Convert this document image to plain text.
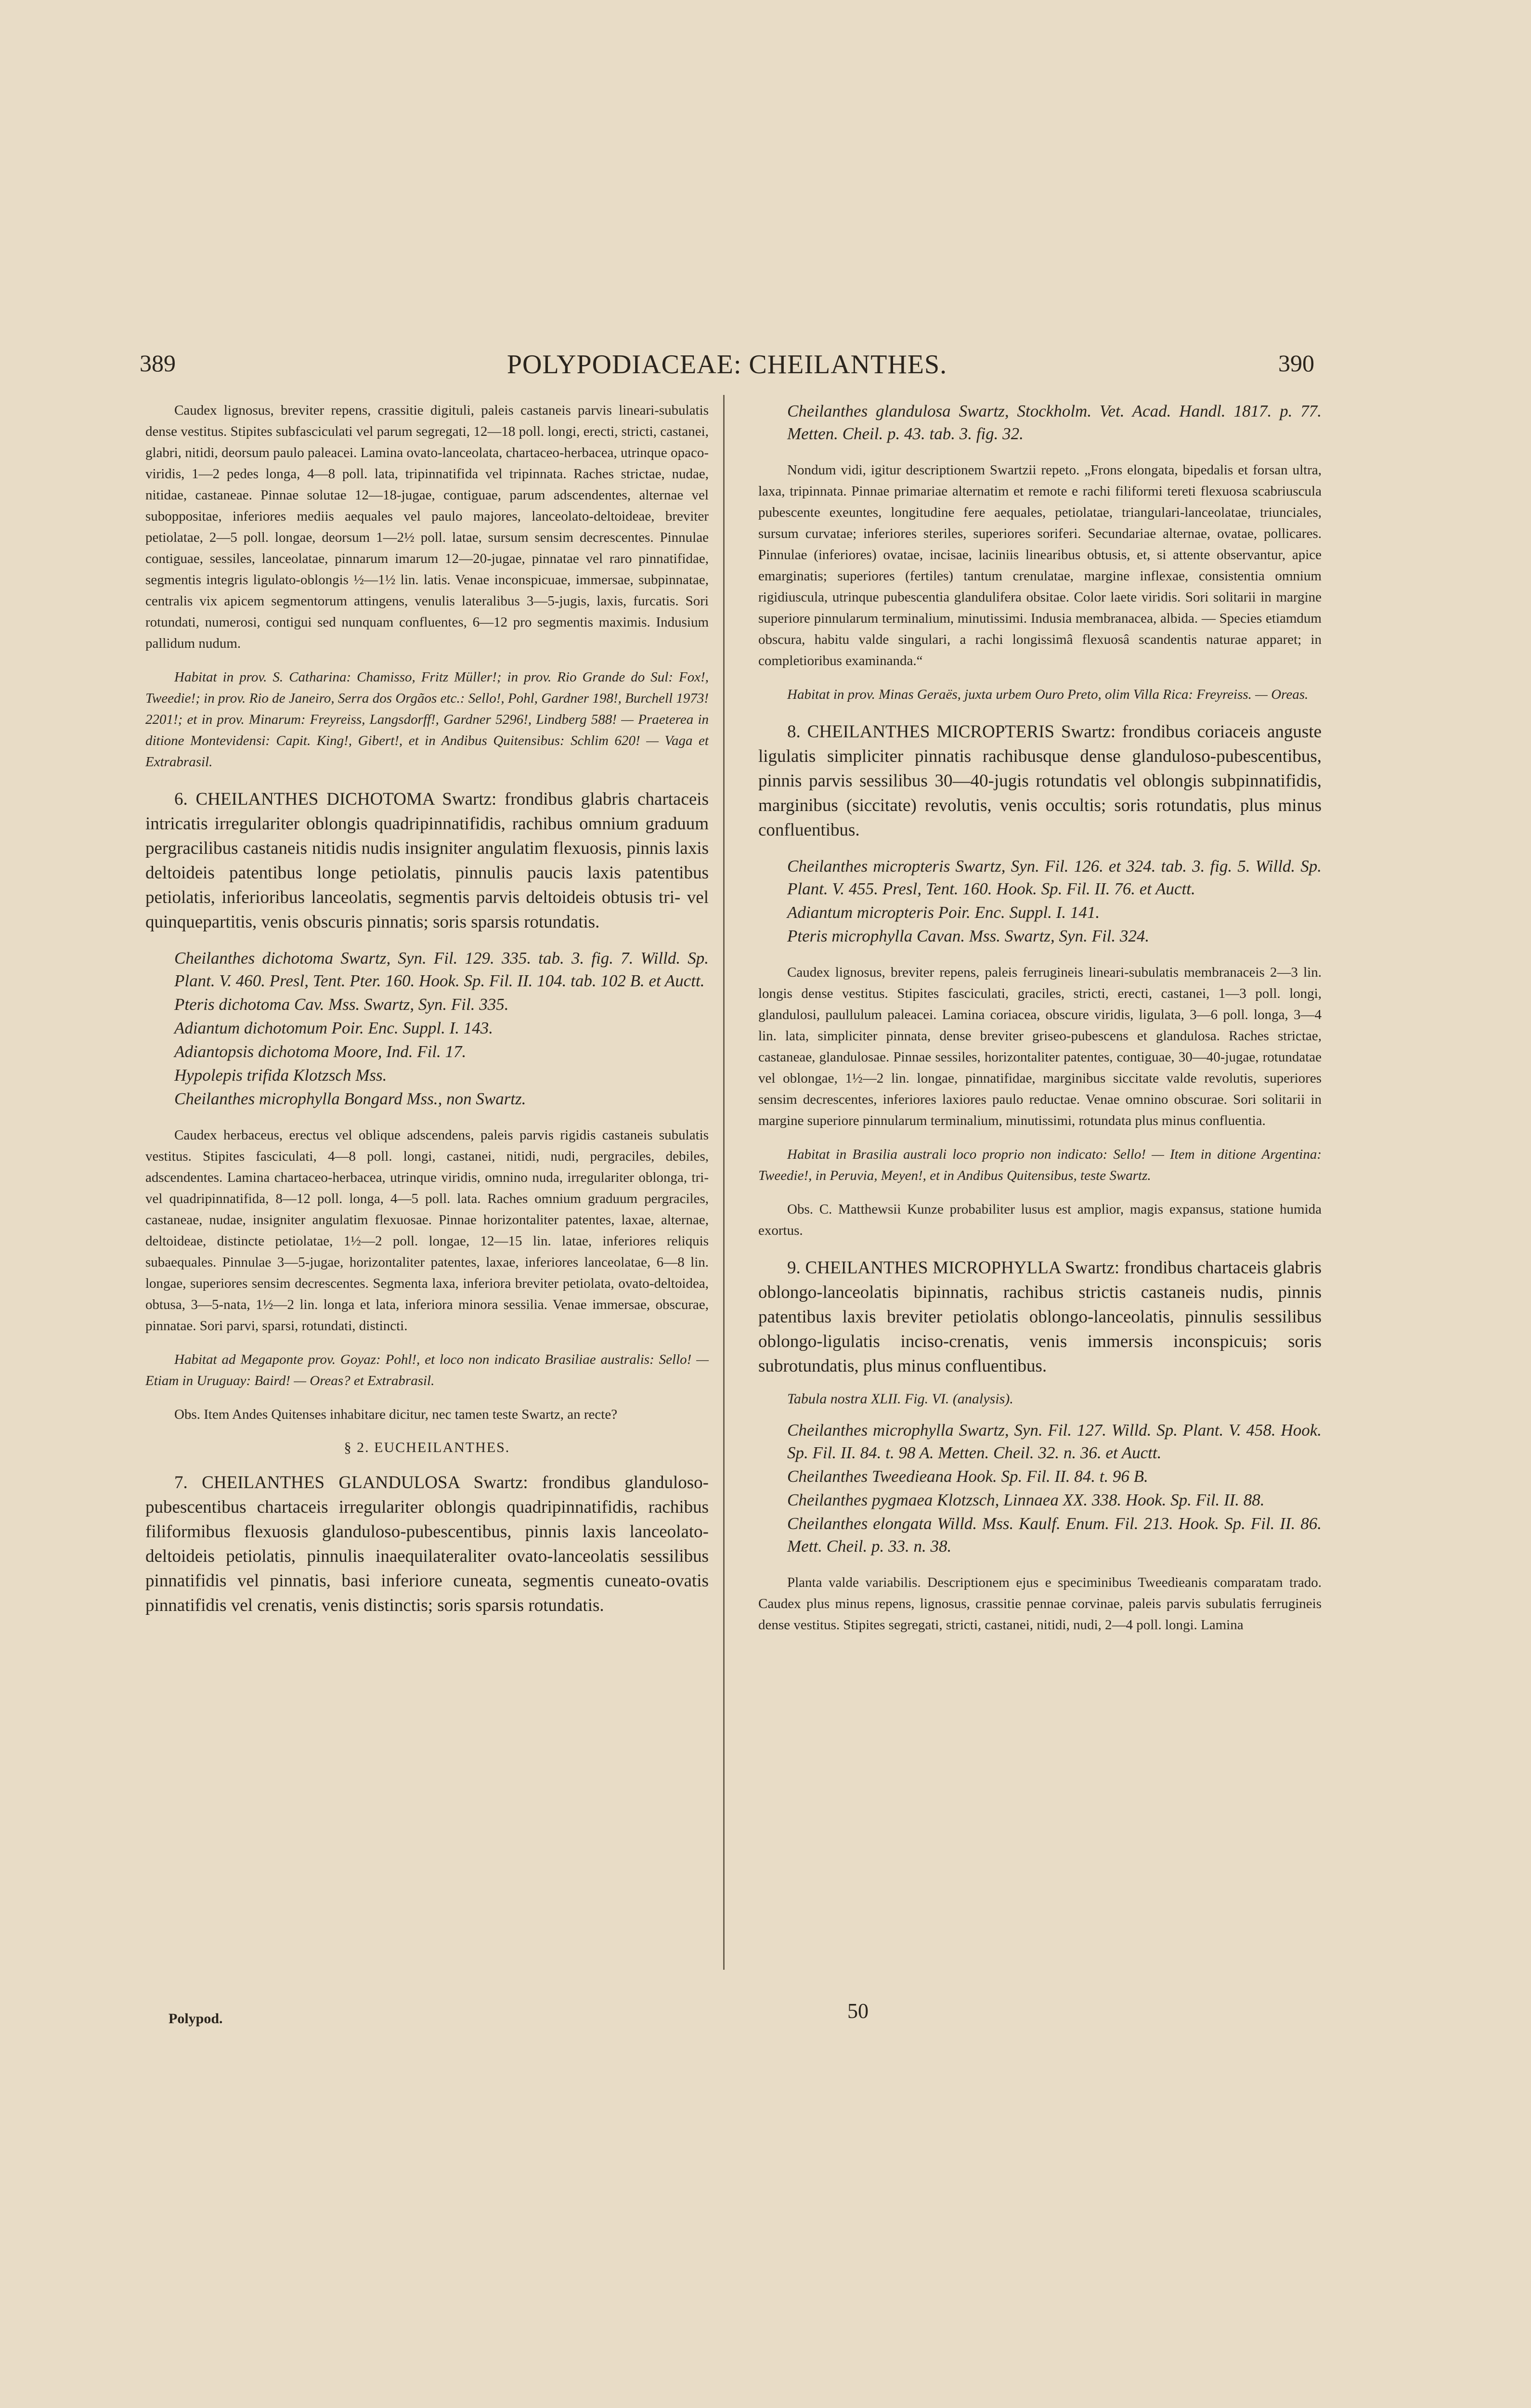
389	POLYPODIACEAE: CHEILANTHES.	390

Caudex lignosus, breviter repens, crassitie digituli, paleis castaneis parvis lineari-subulatis dense vestitus. Stipites subfasciculati vel parum segregati, 12—18 poll. longi, erecti, stricti, castanei, glabri, nitidi, deorsum paulo paleacei. Lamina ovato-lanceolata, chartaceo-herbacea, utrinque opaco-viridis, 1—2 pedes longa, 4—8 poll. lata, tripinnatifida vel tripinnata. Raches strictae, nudae, nitidae, castaneae. Pinnae solutae 12—18-jugae, contiguae, parum adscendentes, alternae vel suboppositae, inferiores mediis aequales vel paulo majores, lanceolato-deltoideae, breviter petiolatae, 2—5 poll. longae, deorsum 1—2½ poll. latae, sursum sensim decrescentes. Pinnulae contiguae, sessiles, lanceolatae, pinnarum imarum 12—20-jugae, pinnatae vel raro pinnatifidae, segmentis integris ligulato-oblongis ½—1½ lin. latis. Venae inconspicuae, immersae, subpinnatae, centralis vix apicem segmentorum attingens, venulis lateralibus 3—5-jugis, laxis, furcatis. Sori rotundati, numerosi, contigui sed nunquam confluentes, 6—12 pro segmentis maximis. Indusium pallidum nudum.

Habitat in prov. S. Catharina: Chamisso, Fritz Müller!; in prov. Rio Grande do Sul: Fox!, Tweedie!; in prov. Rio de Janeiro, Serra dos Orgãos etc.: Sello!, Pohl, Gardner 198!, Burchell 1973! 2201!; et in prov. Minarum: Freyreiss, Langsdorff!, Gardner 5296!, Lindberg 588! — Praeterea in ditione Montevidensi: Capit. King!, Gibert!, et in Andibus Quitensibus: Schlim 620! — Vaga et Extrabrasil.

6. CHEILANTHES DICHOTOMA Swartz: frondibus glabris chartaceis intricatis irregulariter oblongis quadripinnatifidis, rachibus omnium graduum pergracilibus castaneis nitidis nudis insigniter angulatim flexuosis, pinnis laxis deltoideis patentibus longe petiolatis, pinnulis paucis laxis patentibus petiolatis, inferioribus lanceolatis, segmentis parvis deltoideis obtusis tri- vel quinquepartitis, venis obscuris pinnatis; soris sparsis rotundatis.

Cheilanthes dichotoma Swartz, Syn. Fil. 129. 335. tab. 3. fig. 7. Willd. Sp. Plant. V. 460. Presl, Tent. Pter. 160. Hook. Sp. Fil. II. 104. tab. 102 B. et Auctt.

Pteris dichotoma Cav. Mss. Swartz, Syn. Fil. 335.

Adiantum dichotomum Poir. Enc. Suppl. I. 143.

Adiantopsis dichotoma Moore, Ind. Fil. 17.

Hypolepis trifida Klotzsch Mss.

Cheilanthes microphylla Bongard Mss., non Swartz.

Caudex herbaceus, erectus vel oblique adscendens, paleis parvis rigidis castaneis subulatis vestitus. Stipites fasciculati, 4—8 poll. longi, castanei, nitidi, nudi, pergraciles, debiles, adscendentes. Lamina chartaceo-herbacea, utrinque viridis, omnino nuda, irregulariter oblonga, tri- vel quadripinnatifida, 8—12 poll. longa, 4—5 poll. lata. Raches omnium graduum pergraciles, castaneae, nudae, insigniter angulatim flexuosae. Pinnae horizontaliter patentes, laxae, alternae, deltoideae, distincte petiolatae, 1½—2 poll. longae, 12—15 lin. latae, inferiores reliquis subaequales. Pinnulae 3—5-jugae, horizontaliter patentes, laxae, inferiores lanceolatae, 6—8 lin. longae, superiores sensim decrescentes. Segmenta laxa, inferiora breviter petiolata, ovato-deltoidea, obtusa, 3—5-nata, 1½—2 lin. longa et lata, inferiora minora sessilia. Venae immersae, obscurae, pinnatae. Sori parvi, sparsi, rotundati, distincti.

Habitat ad Megaponte prov. Goyaz: Pohl!, et loco non indicato Brasiliae australis: Sello! — Etiam in Uruguay: Baird! — Oreas? et Extrabrasil.

Obs. Item Andes Quitenses inhabitare dicitur, nec tamen teste Swartz, an recte?

§ 2. EUCHEILANTHES.

7. CHEILANTHES GLANDULOSA Swartz: frondibus glanduloso-pubescentibus chartaceis irregulariter oblongis quadripinnatifidis, rachibus filiformibus flexuosis glanduloso-pubescentibus, pinnis laxis lanceolato-deltoideis petiolatis, pinnulis inaequilateraliter ovato-lanceolatis sessilibus pinnatifidis vel pinnatis, basi inferiore cuneata, segmentis cuneato-ovatis pinnatifidis vel crenatis, venis distinctis; soris sparsis rotundatis.

Cheilanthes glandulosa Swartz, Stockholm. Vet. Acad. Handl. 1817. p. 77. Metten. Cheil. p. 43. tab. 3. fig. 32.

Nondum vidi, igitur descriptionem Swartzii repeto. „Frons elongata, bipedalis et forsan ultra, laxa, tripinnata. Pinnae primariae alternatim et remote e rachi filiformi tereti flexuosa scabriuscula pubescente exeuntes, longitudine fere aequales, petiolatae, triangulari-lanceolatae, triunciales, sursum curvatae; inferiores steriles, superiores soriferi. Secundariae alternae, ovatae, pollicares. Pinnulae (inferiores) ovatae, incisae, laciniis linearibus obtusis, et, si attente observantur, apice emarginatis; superiores (fertiles) tantum crenulatae, margine inflexae, consistentia omnium rigidiuscula, utrinque pubescentia glandulifera obsitae. Color laete viridis. Sori solitarii in margine superiore pinnularum terminalium, minutissimi. Indusia membranacea, albida. — Species etiamdum obscura, habitu valde singulari, a rachi longissimâ flexuosâ scandentis naturae apparet; in completioribus examinanda.“

Habitat in prov. Minas Geraës, juxta urbem Ouro Preto, olim Villa Rica: Freyreiss. — Oreas.

8. CHEILANTHES MICROPTERIS Swartz: frondibus coriaceis anguste ligulatis simpliciter pinnatis rachibusque dense glanduloso-pubescentibus, pinnis parvis sessilibus 30—40-jugis rotundatis vel oblongis subpinnatifidis, marginibus (siccitate) revolutis, venis occultis; soris rotundatis, plus minus confluentibus.

Cheilanthes micropteris Swartz, Syn. Fil. 126. et 324. tab. 3. fig. 5. Willd. Sp. Plant. V. 455. Presl, Tent. 160. Hook. Sp. Fil. II. 76. et Auctt.

Adiantum micropteris Poir. Enc. Suppl. I. 141.

Pteris microphylla Cavan. Mss. Swartz, Syn. Fil. 324.

Caudex lignosus, breviter repens, paleis ferrugineis lineari-subulatis membranaceis 2—3 lin. longis dense vestitus. Stipites fasciculati, graciles, stricti, erecti, castanei, 1—3 poll. longi, glandulosi, paullulum paleacei. Lamina coriacea, obscure viridis, ligulata, 3—6 poll. longa, 3—4 lin. lata, simpliciter pinnata, dense breviter griseo-pubescens et glandulosa. Raches strictae, castaneae, glandulosae. Pinnae sessiles, horizontaliter patentes, contiguae, 30—40-jugae, rotundatae vel oblongae, 1½—2 lin. longae, pinnatifidae, marginibus siccitate valde revolutis, superiores sensim decrescentes, inferiores laxiores paulo reductae. Venae omnino obscurae. Sori solitarii in margine superiore pinnularum terminalium, minutissimi, rotundata plus minus confluentia.

Habitat in Brasilia australi loco proprio non indicato: Sello! — Item in ditione Argentina: Tweedie!, in Peruvia, Meyen!, et in Andibus Quitensibus, teste Swartz.

Obs. C. Matthewsii Kunze probabiliter lusus est amplior, magis expansus, statione humida exortus.

9. CHEILANTHES MICROPHYLLA Swartz: frondibus chartaceis glabris oblongo-lanceolatis bipinnatis, rachibus strictis castaneis nudis, pinnis patentibus laxis breviter petiolatis oblongo-lanceolatis, pinnulis sessilibus oblongo-ligulatis inciso-crenatis, venis immersis inconspicuis; soris subrotundatis, plus minus confluentibus.

Tabula nostra XLII. Fig. VI. (analysis).

Cheilanthes microphylla Swartz, Syn. Fil. 127. Willd. Sp. Plant. V. 458. Hook. Sp. Fil. II. 84. t. 98 A. Metten. Cheil. 32. n. 36. et Auctt.

Cheilanthes Tweedieana Hook. Sp. Fil. II. 84. t. 96 B.

Cheilanthes pygmaea Klotzsch, Linnaea XX. 338. Hook. Sp. Fil. II. 88.

Cheilanthes elongata Willd. Mss. Kaulf. Enum. Fil. 213. Hook. Sp. Fil. II. 86. Mett. Cheil. p. 33. n. 38.

Planta valde variabilis. Descriptionem ejus e speciminibus Tweedieanis comparatam trado. Caudex plus minus repens, lignosus, crassitie pennae corvinae, paleis parvis subulatis ferrugineis dense vestitus. Stipites segregati, stricti, castanei, nitidi, nudi, 2—4 poll. longi. Lamina

Polypod.	50
